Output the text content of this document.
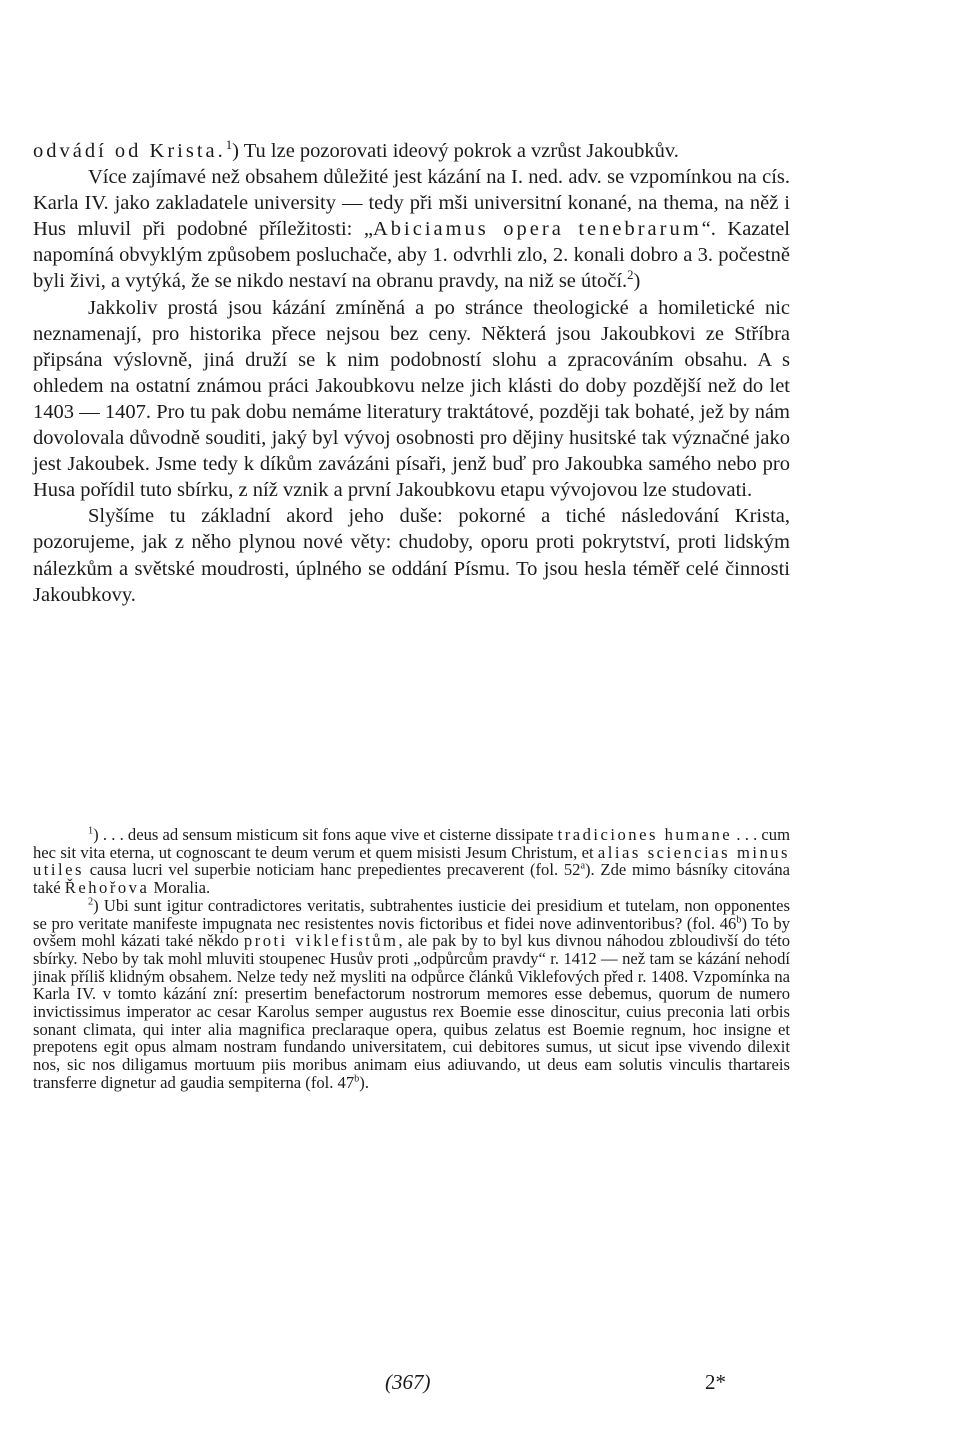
odvádí od Krista.$^1$) Tu lze pozorovati ideový pokrok a vzrůst Jakoubkův.

Více zajímavé než obsahem důležité jest kázání na I. ned. adv. se vzpomínkou na cís. Karla IV. jako zakladatele university — tedy při mši universitní konané, na thema, na něž i Hus mluvil při podobné příležitosti: „Abiciamus opera tenebrarum“. Kazatel napomíná obvyklým způsobem posluchače, aby 1. odvrhli zlo, 2. konali dobro a 3. počestně byli živi, a vytýká, že se nikdo nestaví na obranu pravdy, na niž se útočí.$^2$)

Jakkoliv prostá jsou kázání zmíněná a po stránce theologické a homiletické nic neznamenají, pro historika přece nejsou bez ceny. Některá jsou Jakoubkovi ze Stříbra připsána výslovně, jiná druží se k nim podobností slohu a zpracováním obsahu. A s ohledem na ostatní známou práci Jakoubkovu nelze jich klásti do doby pozdější než do let 1403 — 1407. Pro tu pak dobu nemáme literatury traktátové, později tak bohaté, jež by nám dovolovala důvodně souditi, jaký byl vývoj osobnosti pro dějiny husitské tak význačné jako jest Jakoubek. Jsme tedy k díkům zavázáni písaři, jenž buď pro Jakoubka samého nebo pro Husa pořídil tuto sbírku, z níž vznik a první Jakoubkovu etapu vývojovou lze studovati.

Slyšíme tu základní akord jeho duše: pokorné a tiché následování Krista, pozorujeme, jak z něho plynou nové věty: chudoby, oporu proti pokrytství, proti lidským nálezkům a světské moudrosti, úplného se oddání Písmu. To jsou hesla téměř celé činnosti Jakoubkovy.

$^1$) . . . deus ad sensum misticum sit fons aque vive et cisterne dissipate tradiciones humane . . . cum hec sit vita eterna, ut cognoscant te deum verum et quem misisti Jesum Christum, et alias sciencias minus utiles causa lucri vel superbie noticiam hanc prepedientes precaverent (fol. 52$^a$). Zde mimo básníky citována také Řehořova Moralia.

$^2$) Ubi sunt igitur contradictores veritatis, subtrahentes iusticie dei presidium et tutelam, non opponentes se pro veritate manifeste impugnata nec resistentes novis fictoribus et fidei nove adinventoribus? (fol. 46$^b$) To by ovšem mohl kázati také někdo proti viklefistům, ale pak by to byl kus divnou náhodou zbloudivší do této sbírky. Nebo by tak mohl mluviti stoupenec Husův proti „odpůrcům pravdy“ r. 1412 — než tam se kázání nehodí jinak příliš klidným obsahem. Nelze tedy než mysliti na odpůrce článků Viklefových před r. 1408. Vzpomínka na Karla IV. v tomto kázání zní: presertim benefactorum nostrorum memores esse debemus, quorum de numero invictissimus imperator ac cesar Karolus semper augustus rex Boemie esse dinoscitur, cuius preconia lati orbis sonant climata, qui inter alia magnifica preclaraque opera, quibus zelatus est Boemie regnum, hoc insigne et prepotens egit opus almam nostram fundando universitatem, cui debitores sumus, ut sicut ipse vivendo dilexit nos, sic nos diligamus mortuum piis moribus animam eius adiuvando, ut deus eam solutis vinculis thartareis transferre dignetur ad gaudia sempiterna (fol. 47$^b$).

(367)	2*
